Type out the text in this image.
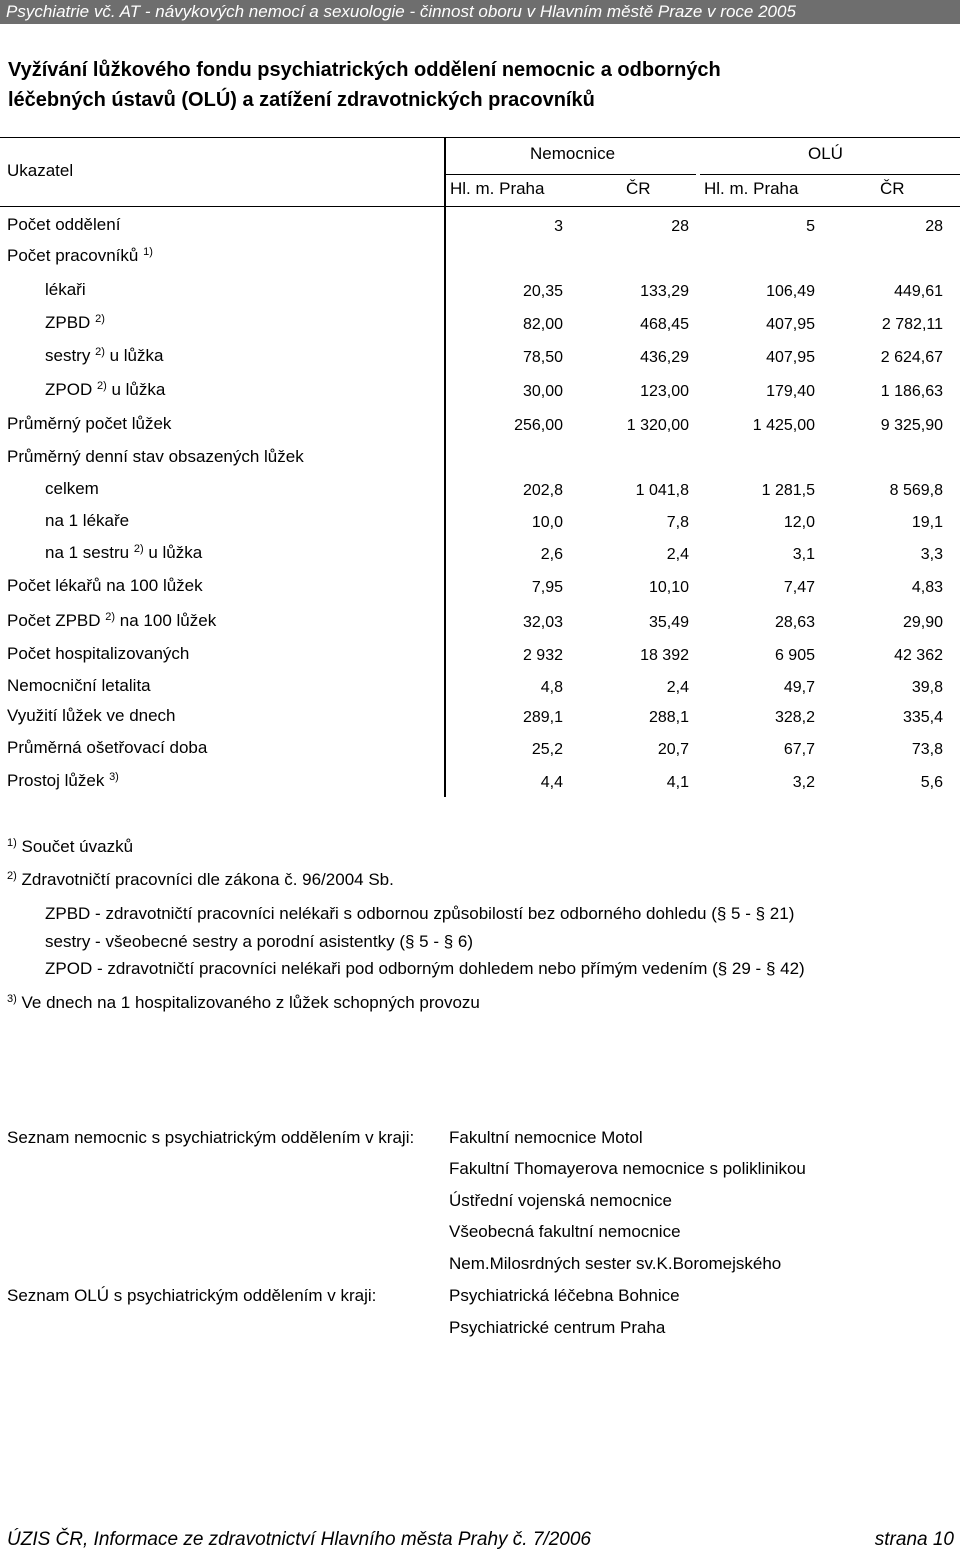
Psychiatrie vč. AT - návykových nemocí a sexuologie - činnost oboru v Hlavním městě Praze v roce 2005
Vyžívání lůžkového fondu psychiatrických oddělení nemocnic a odborných
léčebných ústavů (OLÚ) a zatížení zdravotnických pracovníků
Ukazatel
Nemocnice	OLÚ
Hl. m. Praha	ČR	Hl. m. Praha	ČR
Počet oddělení	3	28	5	28
Počet pracovníků $^{1)}$
lékaři	20,35	133,29	106,49	449,61
ZPBD $^{2)}$	82,00	468,45	407,95	2 782,11
sestry $^{2)}$ u lůžka	78,50	436,29	407,95	2 624,67
ZPOD $^{2)}$ u lůžka	30,00	123,00	179,40	1 186,63
Průměrný počet lůžek	256,00	1 320,00	1 425,00	9 325,90
Průměrný denní stav obsazených lůžek
celkem	202,8	1 041,8	1 281,5	8 569,8
na 1 lékaře	10,0	7,8	12,0	19,1
na 1 sestru $^{2)}$ u lůžka	2,6	2,4	3,1	3,3
Počet lékařů na 100 lůžek	7,95	10,10	7,47	4,83
Počet ZPBD $^{2)}$ na 100 lůžek	32,03	35,49	28,63	29,90
Počet hospitalizovaných	2 932	18 392	6 905	42 362
Nemocniční letalita	4,8	2,4	49,7	39,8
Využití lůžek ve dnech	289,1	288,1	328,2	335,4
Průměrná ošetřovací doba	25,2	20,7	67,7	73,8
Prostoj lůžek $^{3)}$	4,4	4,1	3,2	5,6
$^{1)}$ Součet úvazků
$^{2)}$ Zdravotničtí pracovníci dle zákona č. 96/2004 Sb.
ZPBD - zdravotničtí pracovníci nelékaři s odbornou způsobilostí bez odborného dohledu (§ 5 - § 21)
sestry - všeobecné sestry a porodní asistentky (§ 5 - § 6)
ZPOD - zdravotničtí pracovníci nelékaři pod odborným dohledem nebo přímým vedením (§ 29 - § 42)
$^{3)}$ Ve dnech na 1 hospitalizovaného z lůžek schopných provozu
Seznam nemocnic s psychiatrickým oddělením v kraji: Fakultní nemocnice Motol
Fakultní Thomayerova nemocnice s poliklinikou
Ústřední vojenská nemocnice
Všeobecná fakultní nemocnice
Nem.Milosrdných sester sv.K.Boromejského
Seznam OLÚ s psychiatrickým oddělením v kraji:	Psychiatrická léčebna Bohnice
Psychiatrické centrum Praha
ÚZIS ČR, Informace ze zdravotnictví Hlavního města Prahy č. 7/2006	strana 10
